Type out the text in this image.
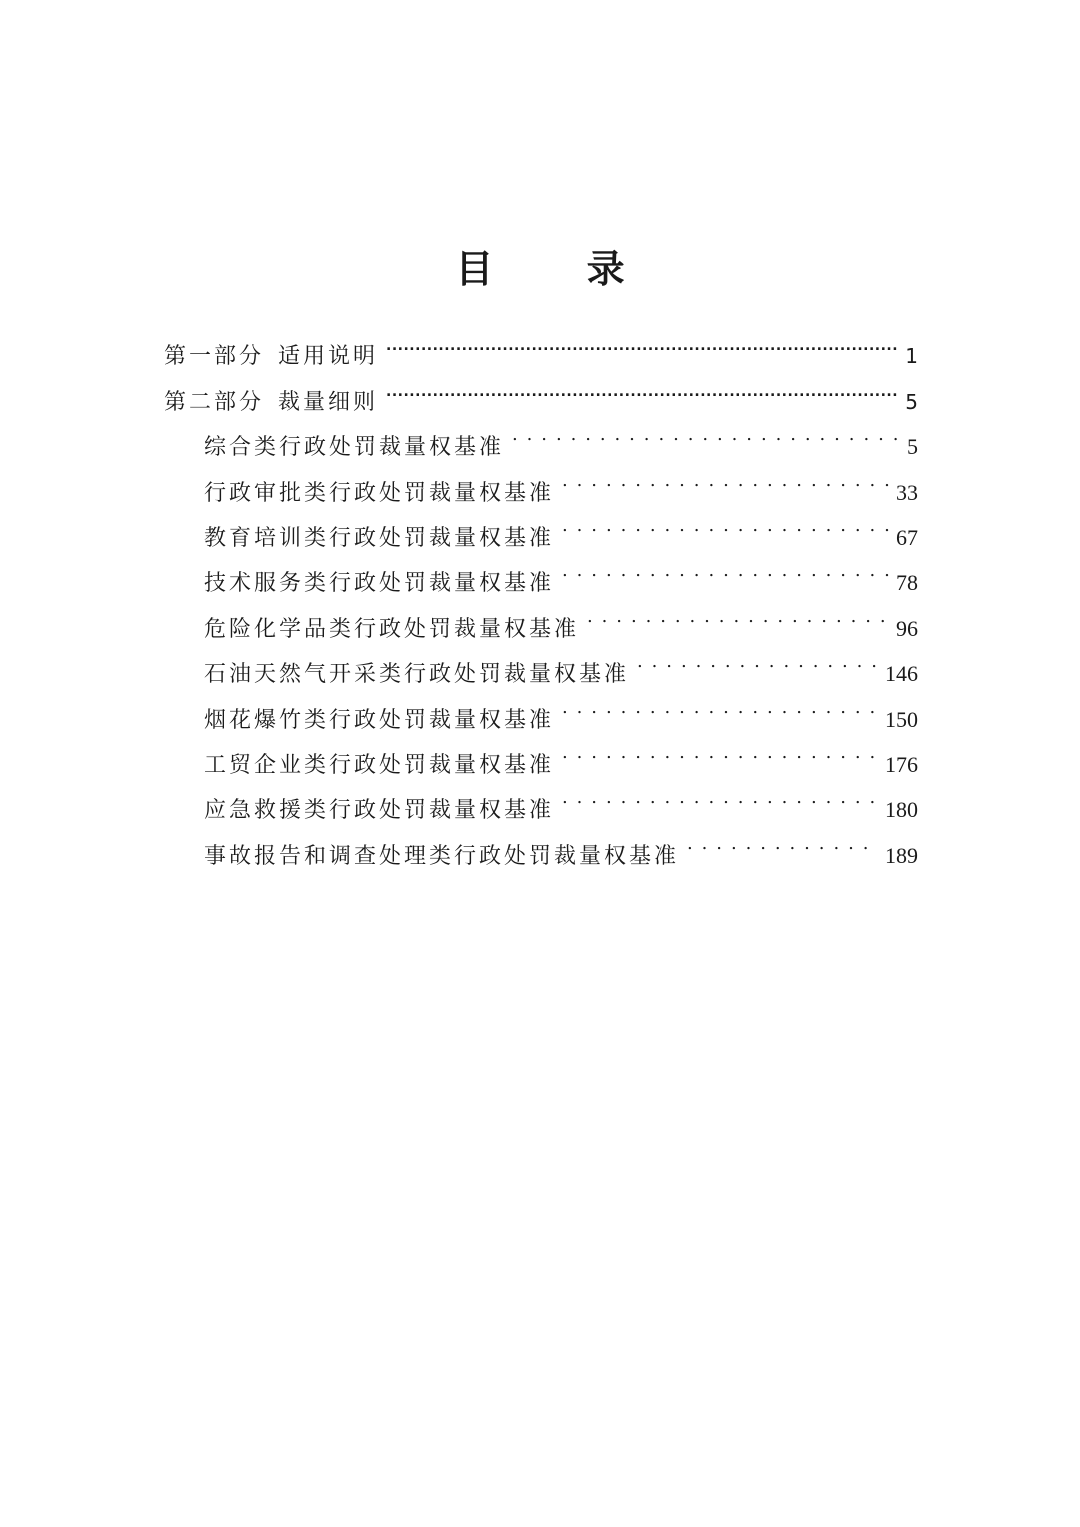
目 录
第一部分 适用说明 .....	1
第二部分 裁量细则 .....	5
综合类行政处罚裁量权基准 . . .	5
行政审批类行政处罚裁量权基准 . . .	33
教育培训类行政处罚裁量权基准 . . .	67
技术服务类行政处罚裁量权基准 . . .	78
危险化学品类行政处罚裁量权基准 . . .	96
石油天然气开采类行政处罚裁量权基准 . . .	146
烟花爆竹类行政处罚裁量权基准 . . .	150
工贸企业类行政处罚裁量权基准 . . .	176
应急救援类行政处罚裁量权基准 . . .	180
事故报告和调查处理类行政处罚裁量权基准 . . .	189
